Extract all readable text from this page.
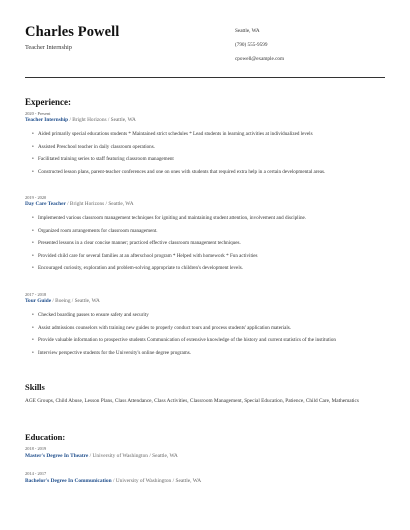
Charles Powell
Teacher Internship
Seattle, WA
(790) 555-9599
cpowell@example.com
Experience:
2020 - Present
Teacher Internship / Bright Horizons / Seattle, WA
• Aided primarily special educations students * Maintained strict schedules * Lead students in learning activities at individualized levels
• Assisted Preschool teacher in daily classroom operations.
• Facilitated training series to staff featuring classroom management
• Constructed lesson plans, parent-teacher conferences and one on ones with students that required extra help in a certain developmental areas.
2019 - 2020
Day Care Teacher / Bright Horizons / Seattle, WA
• Implemented various classroom management techniques for igniting and maintaining student attention, involvement and discipline.
• Organized room arrangements for classroom management.
• Presented lessons in a clear concise manner; practiced effective classroom management techniques.
• Provided child care for several families at an afterschool program * Helped with homework * Fun activities
• Encouraged curiosity, exploration and problem-solving appropriate to children's development levels.
2017 - 2018
Tour Guide / Boeing / Seattle, WA
• Checked boarding passes to ensure safety and security
• Assist admissions counselors with training new guides to properly conduct tours and process students' application materials.
• Provide valuable information to prospective students Communication of extensive knowledge of the history and current statistics of the institution
• Interview perspective students for the University's online degree programs.
Skills
AGE Groups, Child Abuse, Lesson Plans, Class Attendance, Class Activities, Classroom Management, Special Education, Patience, Child Care, Mathematics
Education:
2018 - 2019
Master's Degree In Theatre / University of Washington / Seattle, WA
2014 - 2017
Bachelor's Degree In Communication / University of Washington / Seattle, WA
